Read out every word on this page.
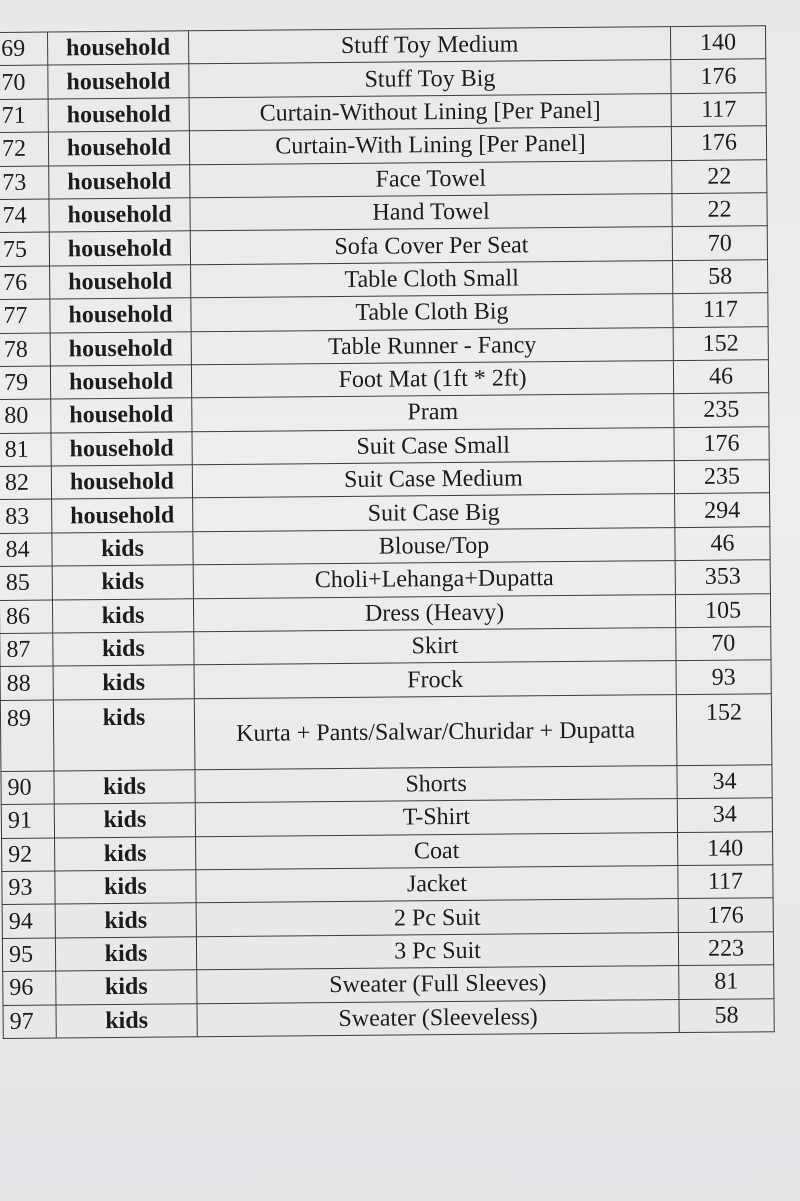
69	household	Stuff Toy Medium	140
70	household	Stuff Toy Big	176
71	household	Curtain-Without Lining [Per Panel]	117
72	household	Curtain-With Lining [Per Panel]	176
73	household	Face Towel	22
74	household	Hand Towel	22
75	household	Sofa Cover Per Seat	70
76	household	Table Cloth Small	58
77	household	Table Cloth Big	117
78	household	Table Runner - Fancy	152
79	household	Foot Mat (1ft * 2ft)	46
80	household	Pram	235
81	household	Suit Case Small	176
82	household	Suit Case Medium	235
83	household	Suit Case Big	294
84	kids	Blouse/Top	46
85	kids	Choli+Lehanga+Dupatta	353
86	kids	Dress (Heavy)	105
87	kids	Skirt	70
88	kids	Frock	93
89	kids	Kurta + Pants/Salwar/Churidar + Dupatta	152
90	kids	Shorts	34
91	kids	T-Shirt	34
92	kids	Coat	140
93	kids	Jacket	117
94	kids	2 Pc Suit	176
95	kids	3 Pc Suit	223
96	kids	Sweater (Full Sleeves)	81
97	kids	Sweater (Sleeveless)	58
